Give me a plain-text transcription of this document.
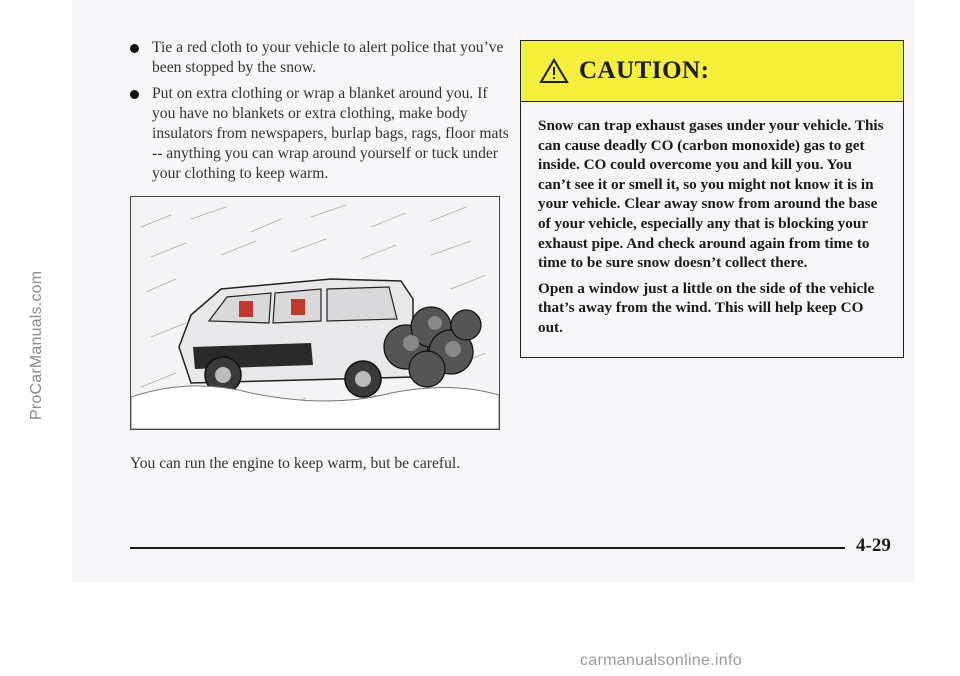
ProCarManuals.com
Tie a red cloth to your vehicle to alert police that you’ve been stopped by the snow.
Put on extra clothing or wrap a blanket around you. If you have no blankets or extra clothing, make body insulators from newspapers, burlap bags, rags, floor mats -- anything you can wrap around yourself or tuck under your clothing to keep warm.
You can run the engine to keep warm, but be careful.
CAUTION:

Snow can trap exhaust gases under your vehicle. This can cause deadly CO (carbon monoxide) gas to get inside. CO could overcome you and kill you. You can’t see it or smell it, so you might not know it is in your vehicle. Clear away snow from around the base of your vehicle, especially any that is blocking your exhaust pipe. And check around again from time to time to be sure snow doesn’t collect there.

Open a window just a little on the side of the vehicle that’s away from the wind. This will help keep CO out.

4-29
carmanualsonline.info
